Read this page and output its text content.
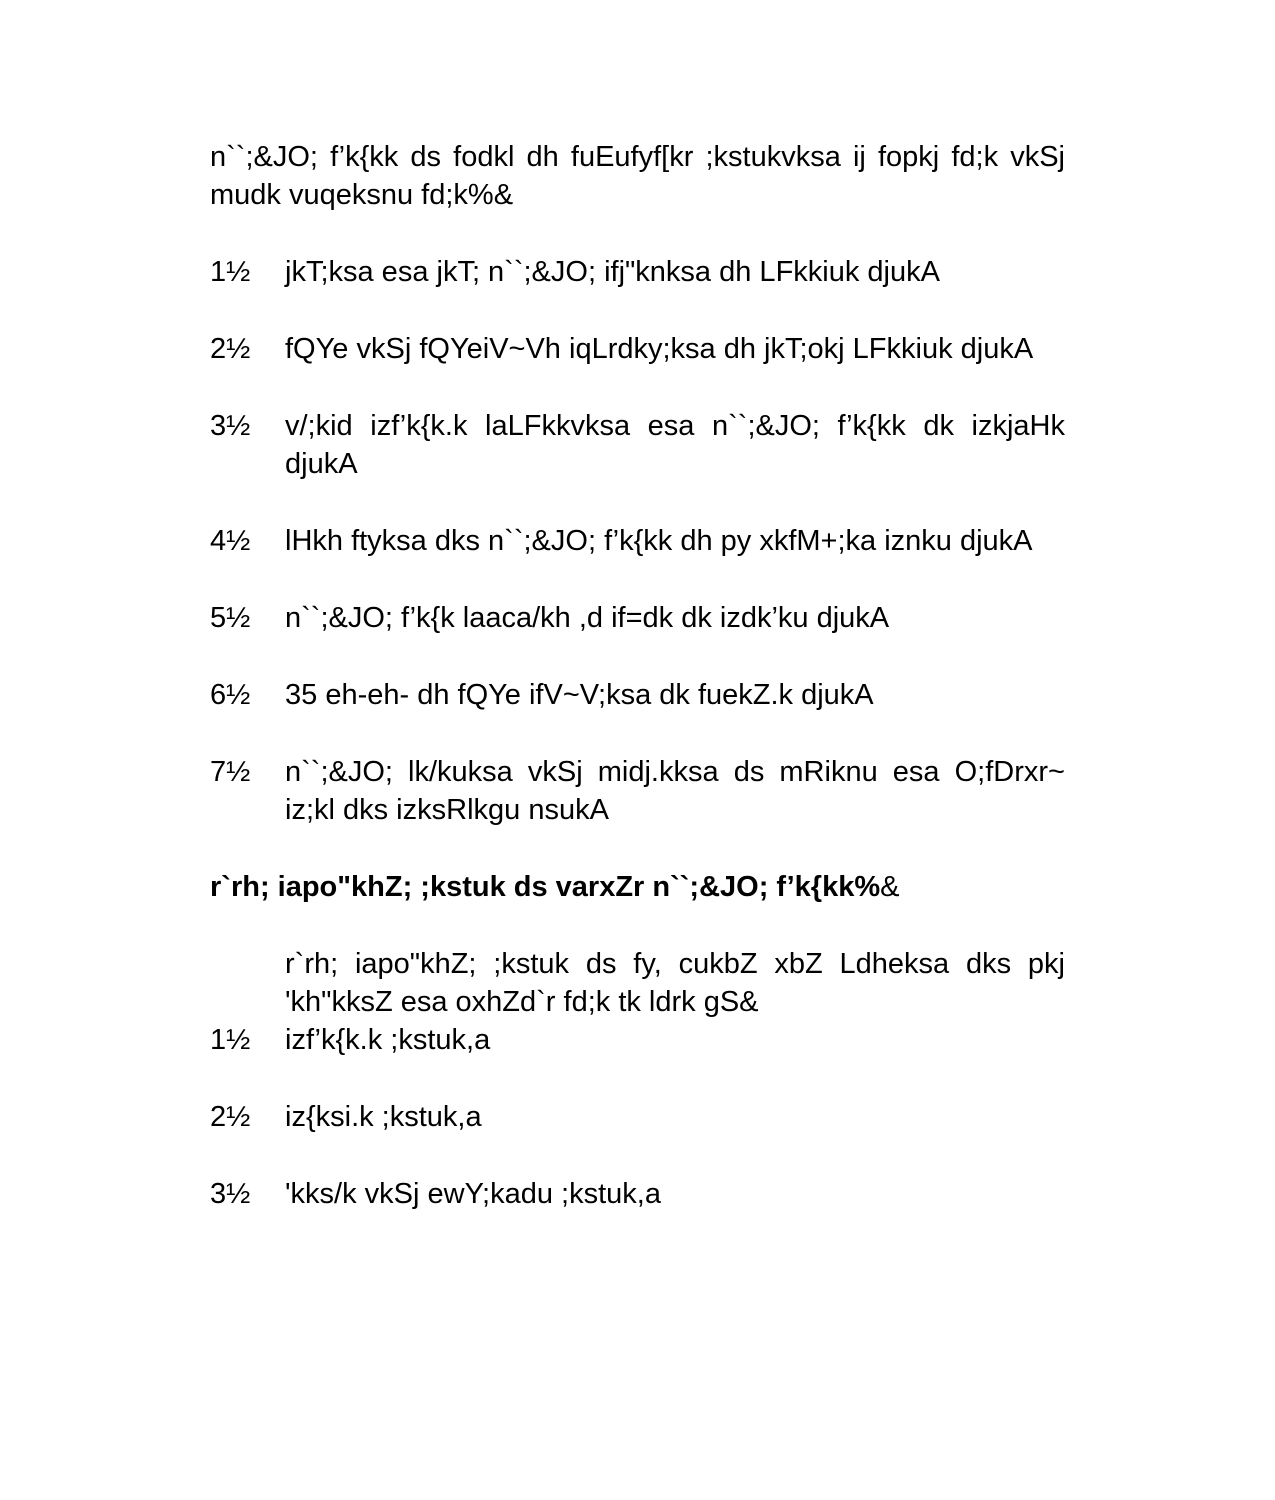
n``;&JO; f’k{kk ds fodkl dh fuEufyf[kr ;kstukvksa ij fopkj fd;k vkSj mudk vuqeksnu fd;k%&

1½	jkT;ksa esa jkT; n``;&JO; ifj"knksa dh LFkkiuk djukA
2½	fQYe vkSj fQYeiV~Vh iqLrdky;ksa dh jkT;okj LFkkiuk djukA
3½	v/;kid izf’k{k.k laLFkkvksa esa n``;&JO; f’k{kk dk izkjaHk djukA
4½	lHkh ftyksa dks n``;&JO; f’k{kk dh py xkfM+;ka iznku djukA
5½	n``;&JO; f’k{k laaca/kh ,d if=dk dk izdk’ku djukA
6½	35 eh-eh- dh fQYe ifV~V;ksa dk fuekZ.k djukA
7½	n``;&JO; lk/kuksa vkSj midj.kksa ds mRiknu esa O;fDrxr~ iz;kl dks izksRlkgu nsukA

r`rh; iapo"khZ; ;kstuk ds varxZr n``;&JO; f’k{kk%&

r`rh; iapo"khZ; ;kstuk ds fy, cukbZ xbZ Ldheksa dks pkj 'kh"kksZ esa oxhZd`r fd;k tk ldrk gS&
1½	izf’k{k.k ;kstuk,a
2½	iz{ksi.k ;kstuk,a
3½	'kks/k vkSj ewY;kadu ;kstuk,a
